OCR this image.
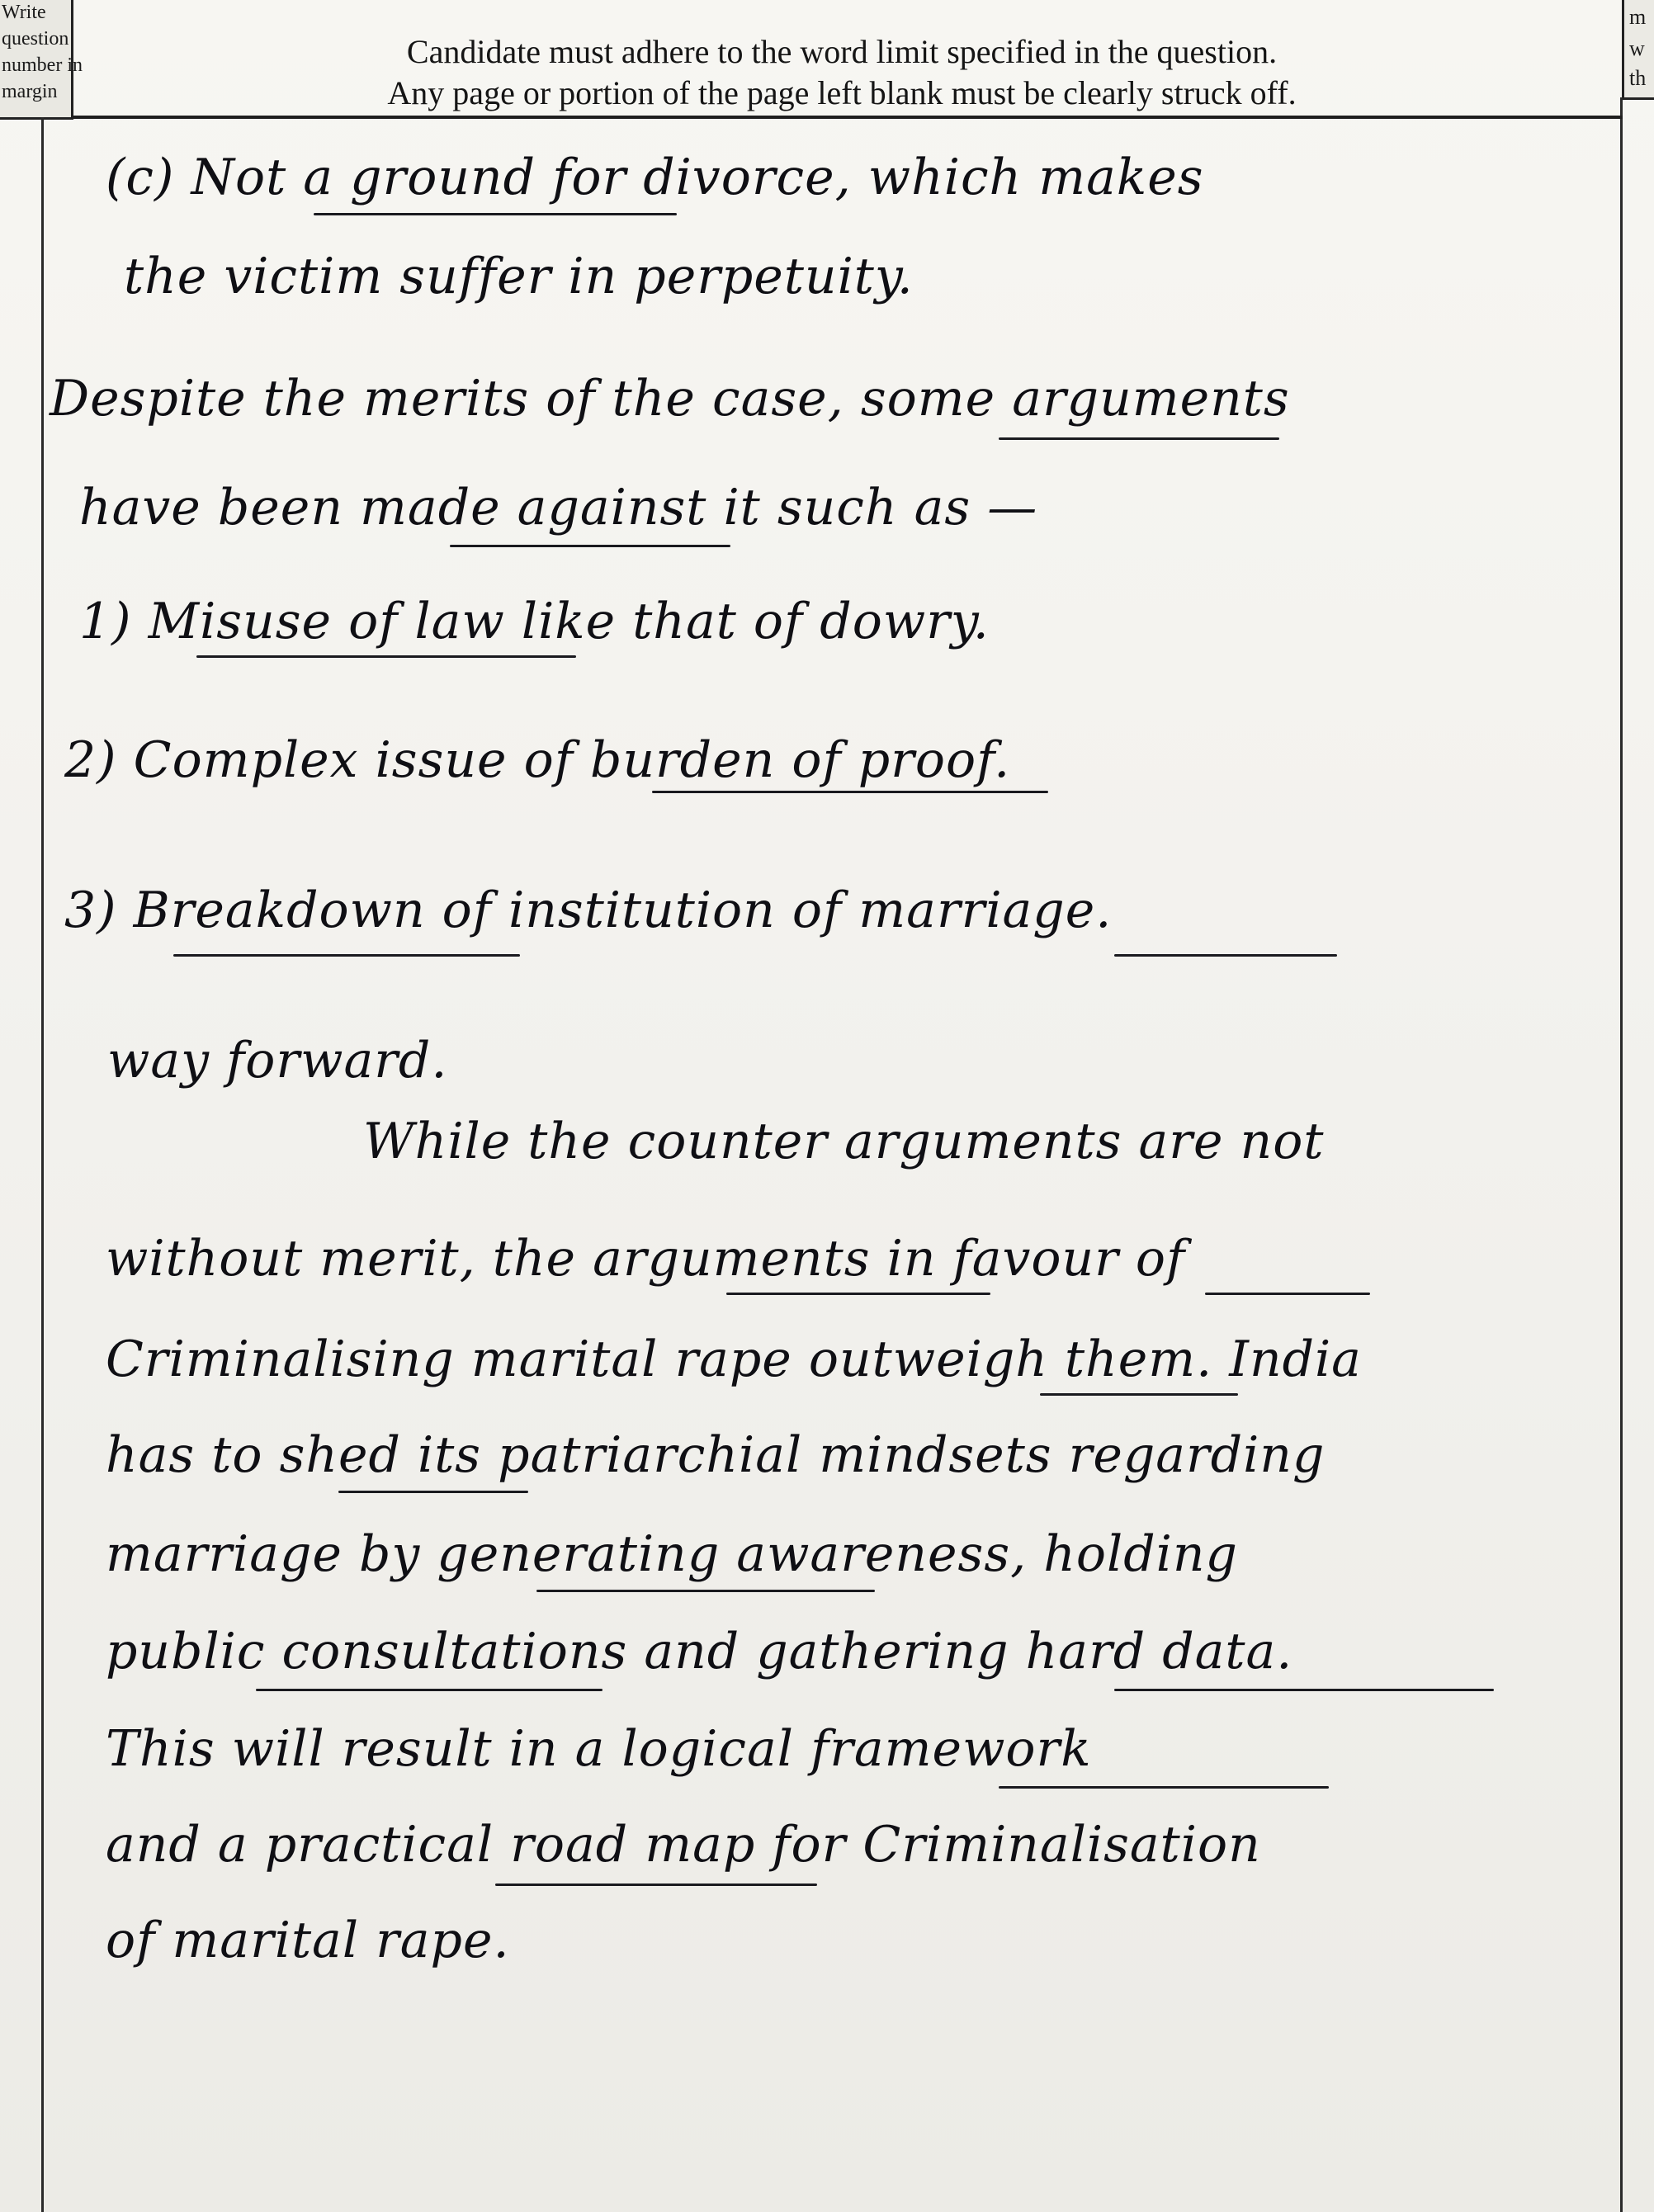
Write
question
number in
margin
m
w
th
Candidate must adhere to the word limit specified in the question.
Any page or portion of the page left blank must be clearly struck off.
(c) Not a ground for divorce, which makes
the victim suffer in perpetuity.
Despite the merits of the case, some arguments
have been made against it such as —
1) Misuse of law like that of dowry.
2) Complex issue of burden of proof.
3) Breakdown of institution of marriage.
way forward.
While the counter arguments are not
without merit, the arguments in favour of
Criminalising marital rape outweigh them. India
has to shed its patriarchial mindsets regarding
marriage by generating awareness, holding
public consultations and gathering hard data.
This will result in a logical framework
and a practical road map for Criminalisation
of marital rape.
